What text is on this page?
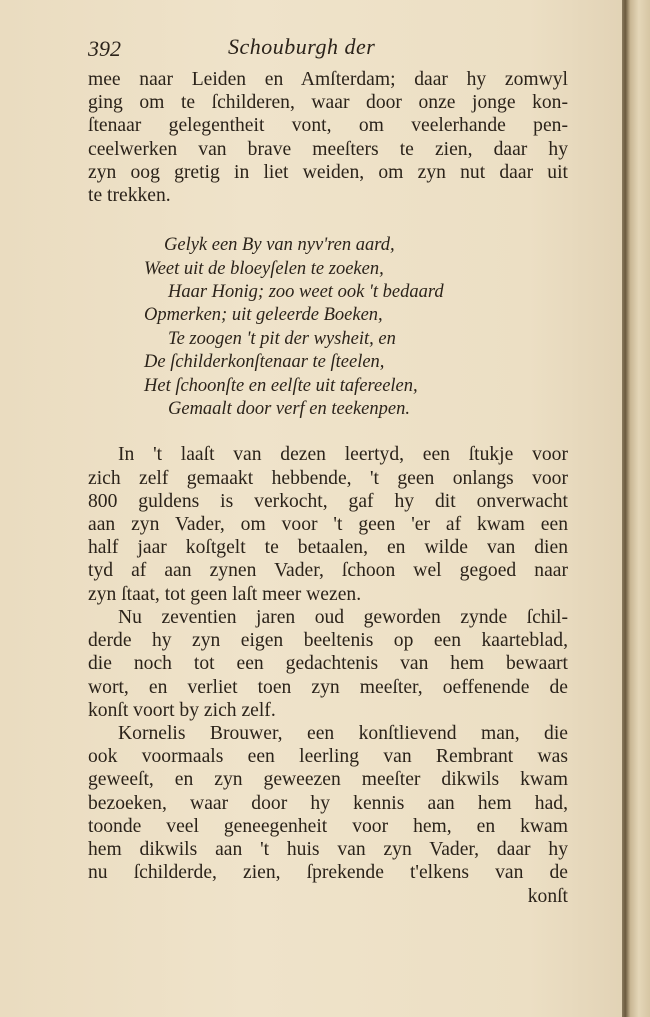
392	Schouburgh der
mee naar Leiden en Amſterdam; daar hy zomwyl
ging om te ſchilderen, waar door onze jonge kon-
ſtenaar gelegentheit vont, om veelerhande pen-
ceelwerken van brave meeſters te zien, daar hy
zyn oog gretig in liet weiden, om zyn nut daar uit
te trekken.
Gelyk een By van nyv'ren aard,
Weet uit de bloeyſelen te zoeken,
Haar Honig; zoo weet ook 't bedaard
Opmerken; uit geleerde Boeken,
Te zoogen 't pit der wysheit, en
De ſchilderkonſtenaar te ſteelen,
Het ſchoonſte en eelſte uit tafereelen,
Gemaalt door verf en teekenpen.
In 't laaſt van dezen leertyd, een ſtukje voor
zich zelf gemaakt hebbende, 't geen onlangs voor
800 guldens is verkocht, gaf hy dit onverwacht
aan zyn Vader, om voor 't geen 'er af kwam een
half jaar koſtgelt te betaalen, en wilde van dien
tyd af aan zynen Vader, ſchoon wel gegoed naar
zyn ſtaat, tot geen laſt meer wezen.
Nu zeventien jaren oud geworden zynde ſchil-
derde hy zyn eigen beeltenis op een kaarteblad,
die noch tot een gedachtenis van hem bewaart
wort, en verliet toen zyn meeſter, oeffenende de
konſt voort by zich zelf.
Kornelis Brouwer, een konſtlievend man, die
ook voormaals een leerling van Rembrant was
geweeſt, en zyn geweezen meeſter dikwils kwam
bezoeken, waar door hy kennis aan hem had,
toonde veel geneegenheit voor hem, en kwam
hem dikwils aan 't huis van zyn Vader, daar hy
nu ſchilderde, zien, ſprekende t'elkens van de
konſt
